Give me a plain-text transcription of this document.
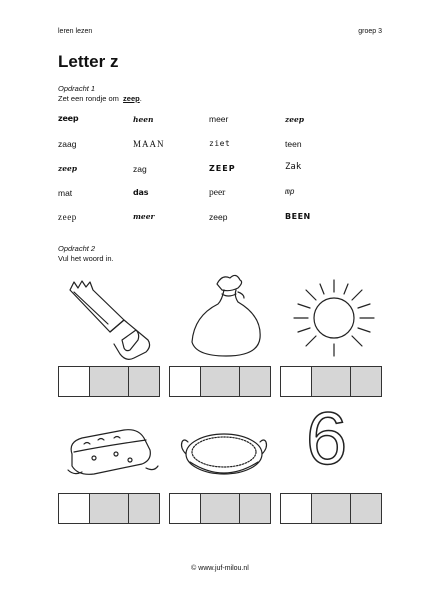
leren lezen	groep 3
Letter z
Opdracht 1
Zet een rondje om zeep.
zeep	heen	meer	zeep
zaag	MAAN	ziet	teen
zeep	zag	ZEEP	Zak
mat	das	peer	mp
zeep	meer	zeep	BEEN
Opdracht 2
Vul het woord in.
6
© www.juf-milou.nl
